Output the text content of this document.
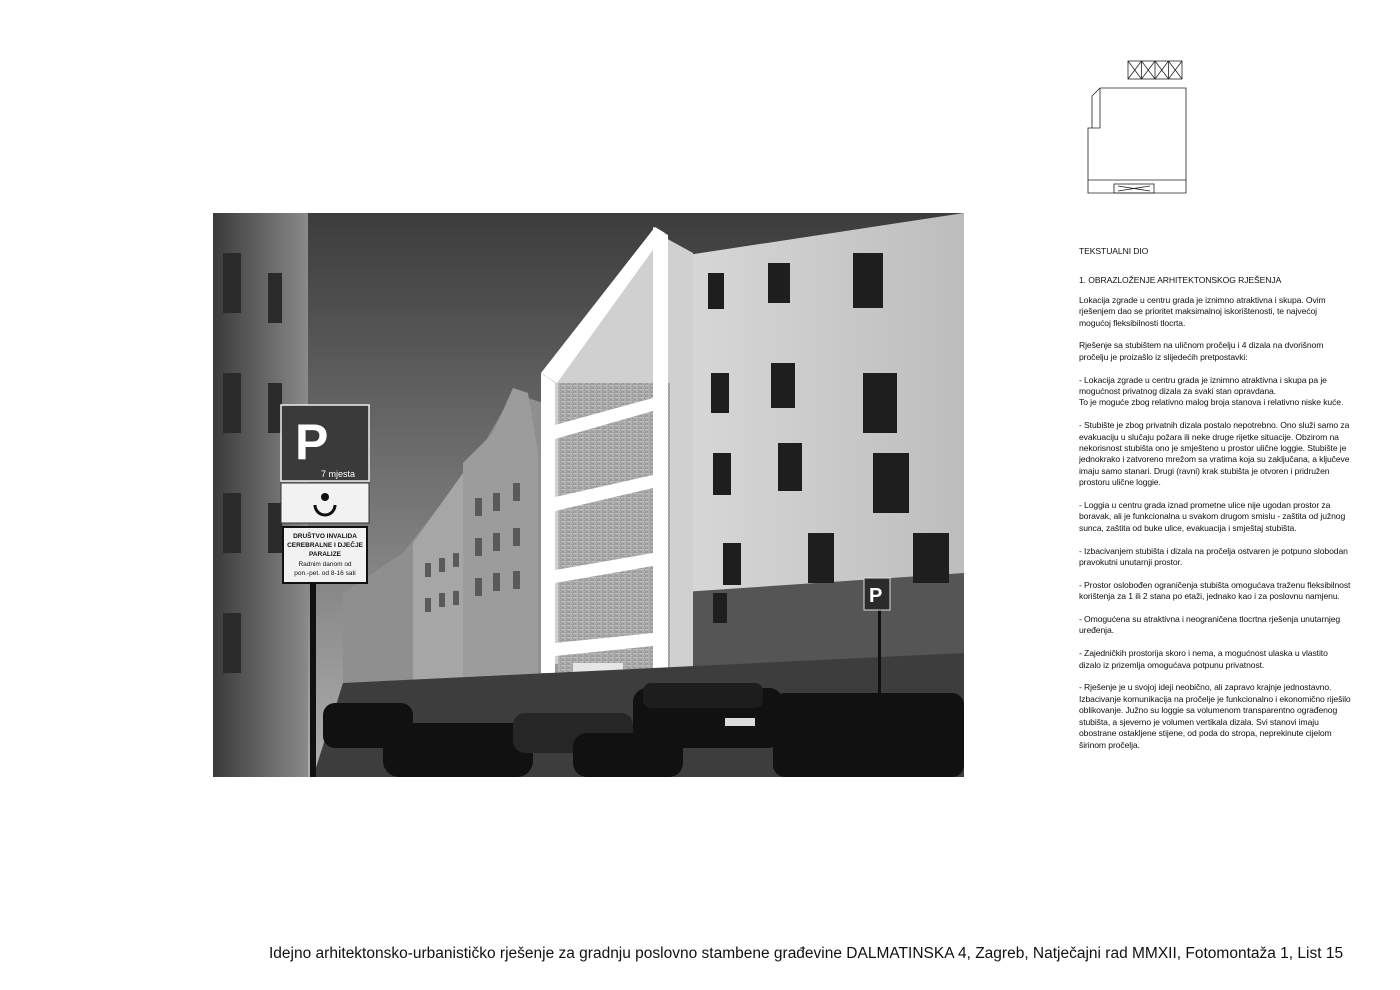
P
7 mjesta
DRUŠTVO INVALIDA
CEREBRALNE I DJEČJE
PARALIZE
Radnim danom od
pon.-pet. od 8-16 sati
P
TEKSTUALNI DIO
1. OBRAZLOŽENJE ARHITEKTONSKOG RJEŠENJA

Lokacija zgrade u centru grada je iznimno atraktivna i skupa. Ovim rješenjem dao se prioritet maksimalnoj iskorištenosti, te najvećoj mogućoj fleksibilnosti tlocrta.

Rješenje sa stubištem na uličnom pročelju i 4 dizala na dvorišnom pročelju je proizašlo iz slijedećih pretpostavki:

- Lokacija zgrade u centru grada je iznimno atraktivna i skupa pa je mogućnost privatnog dizala za svaki stan opravdana.
To je moguće zbog relativno malog broja stanova i relativno niske kuće.

- Stubište je zbog privatnih dizala postalo nepotrebno. Ono služi samo za evakuaciju u slučaju požara ili neke druge rijetke situacije. Obzirom na nekorisnost stubišta ono je smješteno u prostor ulične loggie. Stubište je jednokrako i zatvoreno mrežom sa vratima koja su zaključana, a ključeve imaju samo stanari. Drugi (ravni) krak stubišta je otvoren i pridružen prostoru ulične loggie.

- Loggia u centru grada iznad prometne ulice nije ugodan prostor za boravak, ali je funkcionalna u svakom drugom smislu - zaštita od južnog sunca, zaštita od buke ulice, evakuacija i smještaj stubišta.

- Izbacivanjem stubišta i dizala na pročelja ostvaren je potpuno slobodan pravokutni unutarnji prostor.

- Prostor oslobođen ograničenja stubišta omogućava traženu fleksibilnost korištenja za 1 ili 2 stana po etaži, jednako kao i za poslovnu namjenu.

- Omogućena su atraktivna i neograničena tlocrtna rješenja unutarnjeg uređenja.

- Zajedničkih prostorija skoro i nema, a mogućnost ulaska u vlastito dizalo iz prizemlja omogućava potpunu privatnost.

- Rješenje je u svojoj ideji neobično, ali zapravo krajnje jednostavno. Izbacivanje komunikacija na pročelje je funkcionalno i ekonomično riješilo oblikovanje. Južno su loggie sa volumenom transparentno ograđenog stubišta, a sjeverno je volumen vertikala dizala. Svi stanovi imaju obostrane ostakljene stijene, od poda do stropa, neprekinute cijelom širinom pročelja.

Idejno arhitektonsko-urbanističko rješenje za gradnju poslovno stambene građevine DALMATINSKA 4, Zagreb, Natječajni rad MMXII, Fotomontaža 1, List 15
